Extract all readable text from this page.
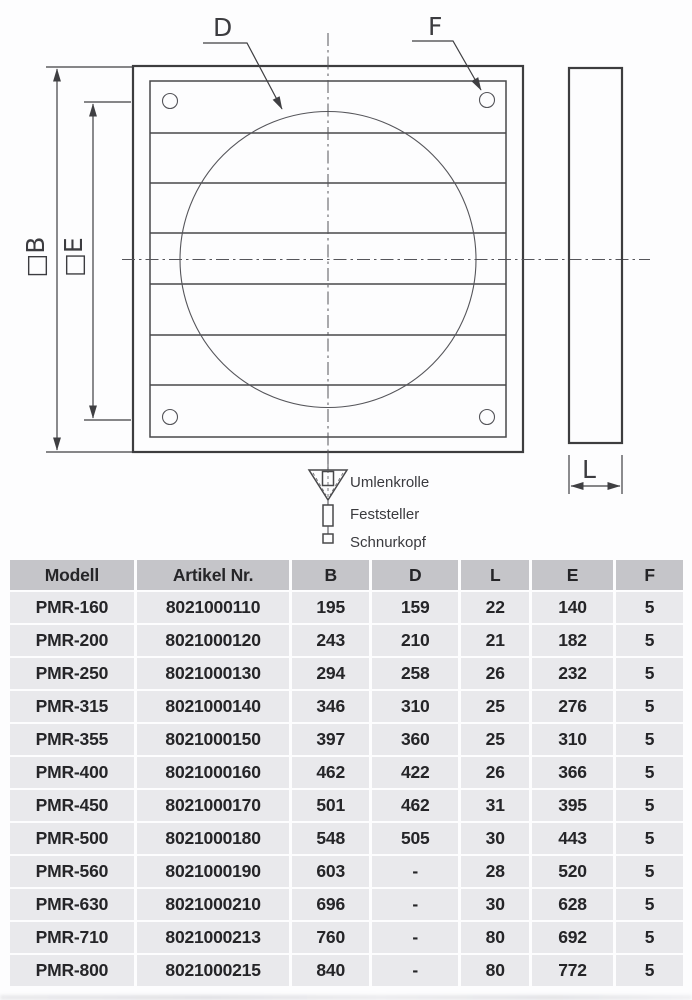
D	F
□B □E
L
Umlenkrolle
Feststeller
Schnurkopf
Modell	Artikel Nr.	B	D	L	E	F
PMR-160	8021000110	195	159	22	140	5
PMR-200	8021000120	243	210	21	182	5
PMR-250	8021000130	294	258	26	232	5
PMR-315	8021000140	346	310	25	276	5
PMR-355	8021000150	397	360	25	310	5
PMR-400	8021000160	462	422	26	366	5
PMR-450	8021000170	501	462	31	395	5
PMR-500	8021000180	548	505	30	443	5
PMR-560	8021000190	603	-	28	520	5
PMR-630	8021000210	696	-	30	628	5
PMR-710	8021000213	760	-	80	692	5
PMR-800	8021000215	840	-	80	772	5
